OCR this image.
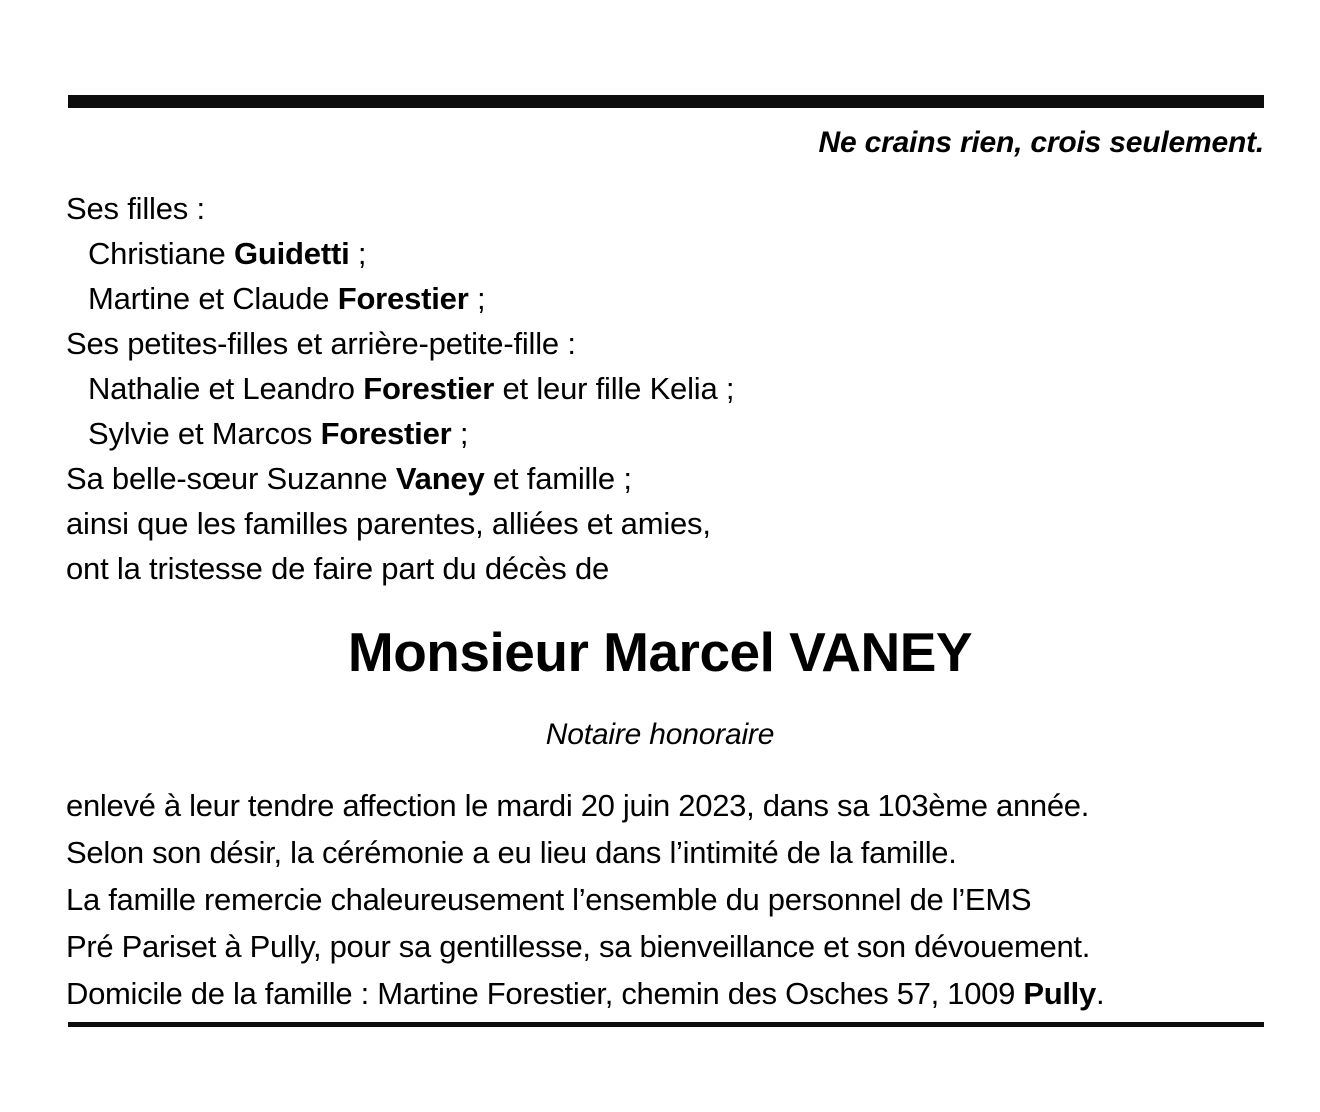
Ne crains rien, crois seulement.
Ses filles :
Christiane Guidetti ;
Martine et Claude Forestier ;
Ses petites-filles et arrière-petite-fille :
Nathalie et Leandro Forestier et leur fille Kelia ;
Sylvie et Marcos Forestier ;
Sa belle-sœur Suzanne Vaney et famille ;
ainsi que les familles parentes, alliées et amies,
ont la tristesse de faire part du décès de
Monsieur Marcel VANEY
Notaire honoraire
enlevé à leur tendre affection le mardi 20 juin 2023, dans sa 103ème année.
Selon son désir, la cérémonie a eu lieu dans l’intimité de la famille.
La famille remercie chaleureusement l’ensemble du personnel de l’EMS
Pré Pariset à Pully, pour sa gentillesse, sa bienveillance et son dévouement.
Domicile de la famille : Martine Forestier, chemin des Osches 57, 1009 Pully.
